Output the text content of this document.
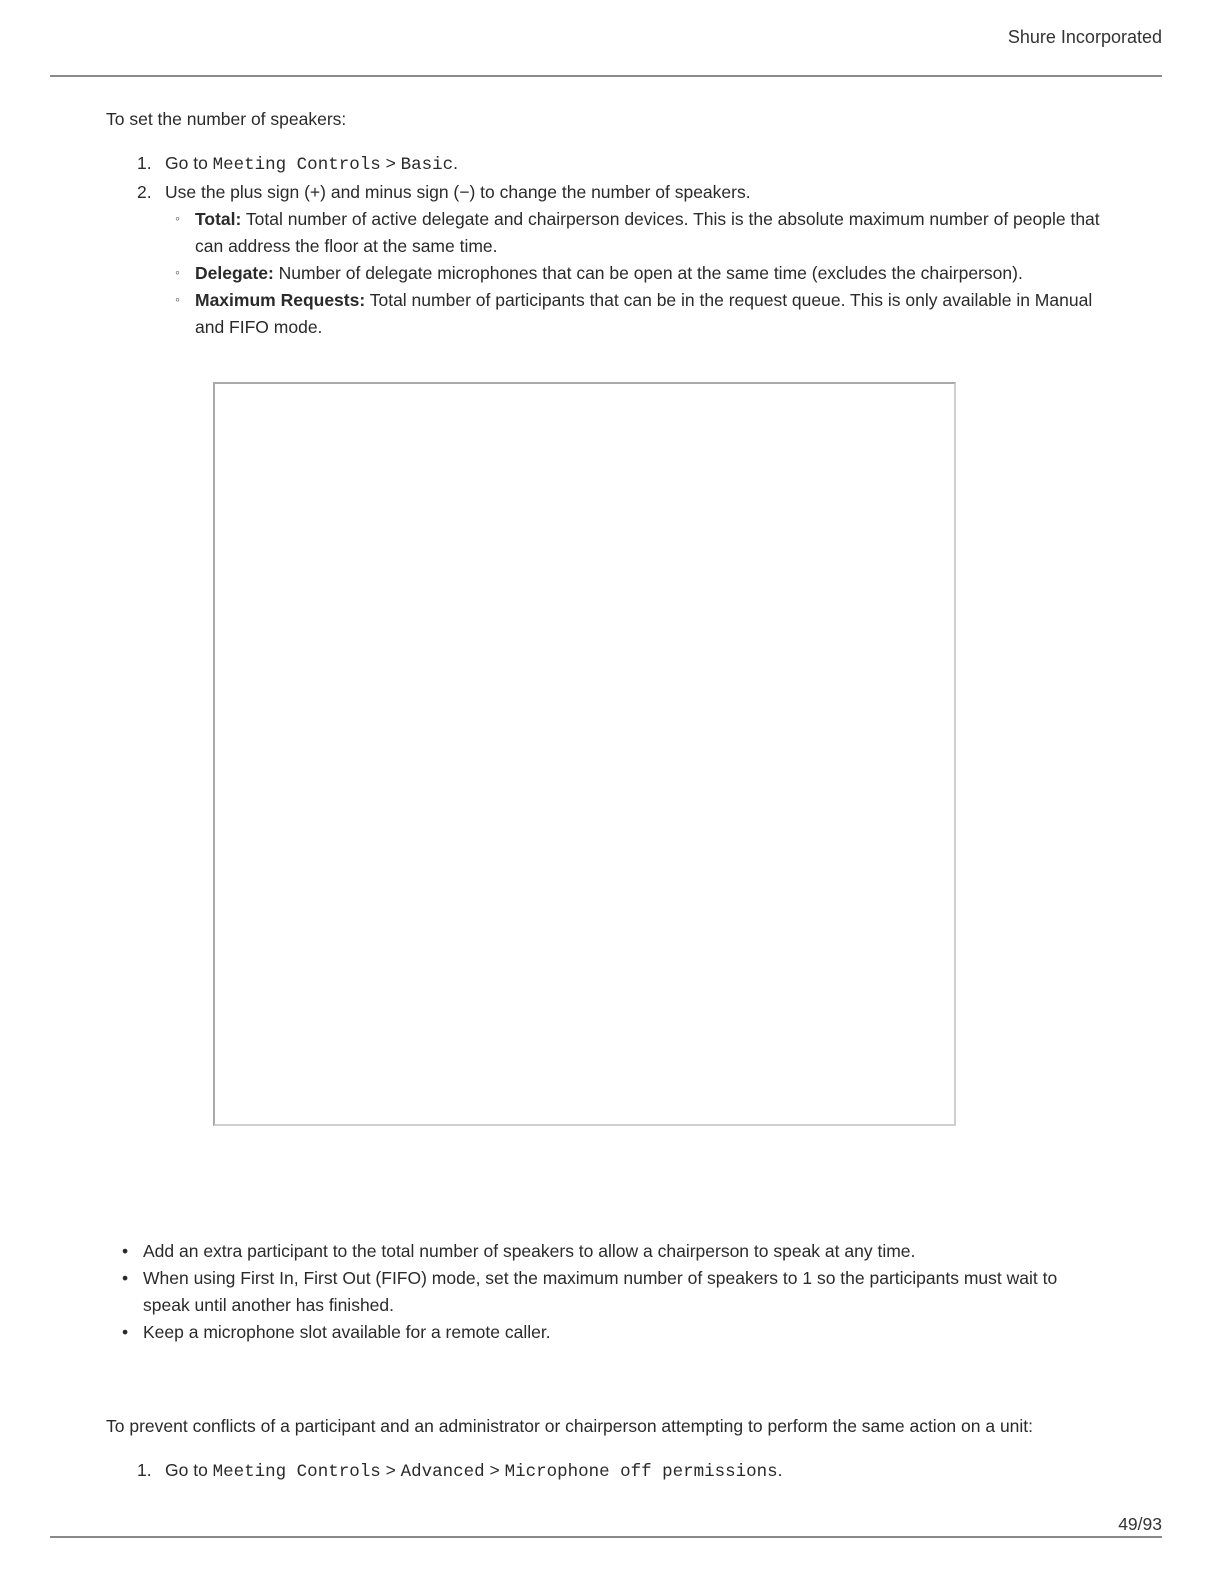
Shure Incorporated
To set the number of speakers:
1. Go to Meeting Controls > Basic.
2. Use the plus sign (+) and minus sign (−) to change the number of speakers.
◦ Total: Total number of active delegate and chairperson devices. This is the absolute maximum number of people that can address the floor at the same time.
◦ Delegate: Number of delegate microphones that can be open at the same time (excludes the chairperson).
◦ Maximum Requests: Total number of participants that can be in the request queue. This is only available in Manual and FIFO mode.
• Add an extra participant to the total number of speakers to allow a chairperson to speak at any time.
• When using First In, First Out (FIFO) mode, set the maximum number of speakers to 1 so the participants must wait to speak until another has finished.
• Keep a microphone slot available for a remote caller.
To prevent conflicts of a participant and an administrator or chairperson attempting to perform the same action on a unit:
1. Go to Meeting Controls > Advanced > Microphone off permissions.
49/93
